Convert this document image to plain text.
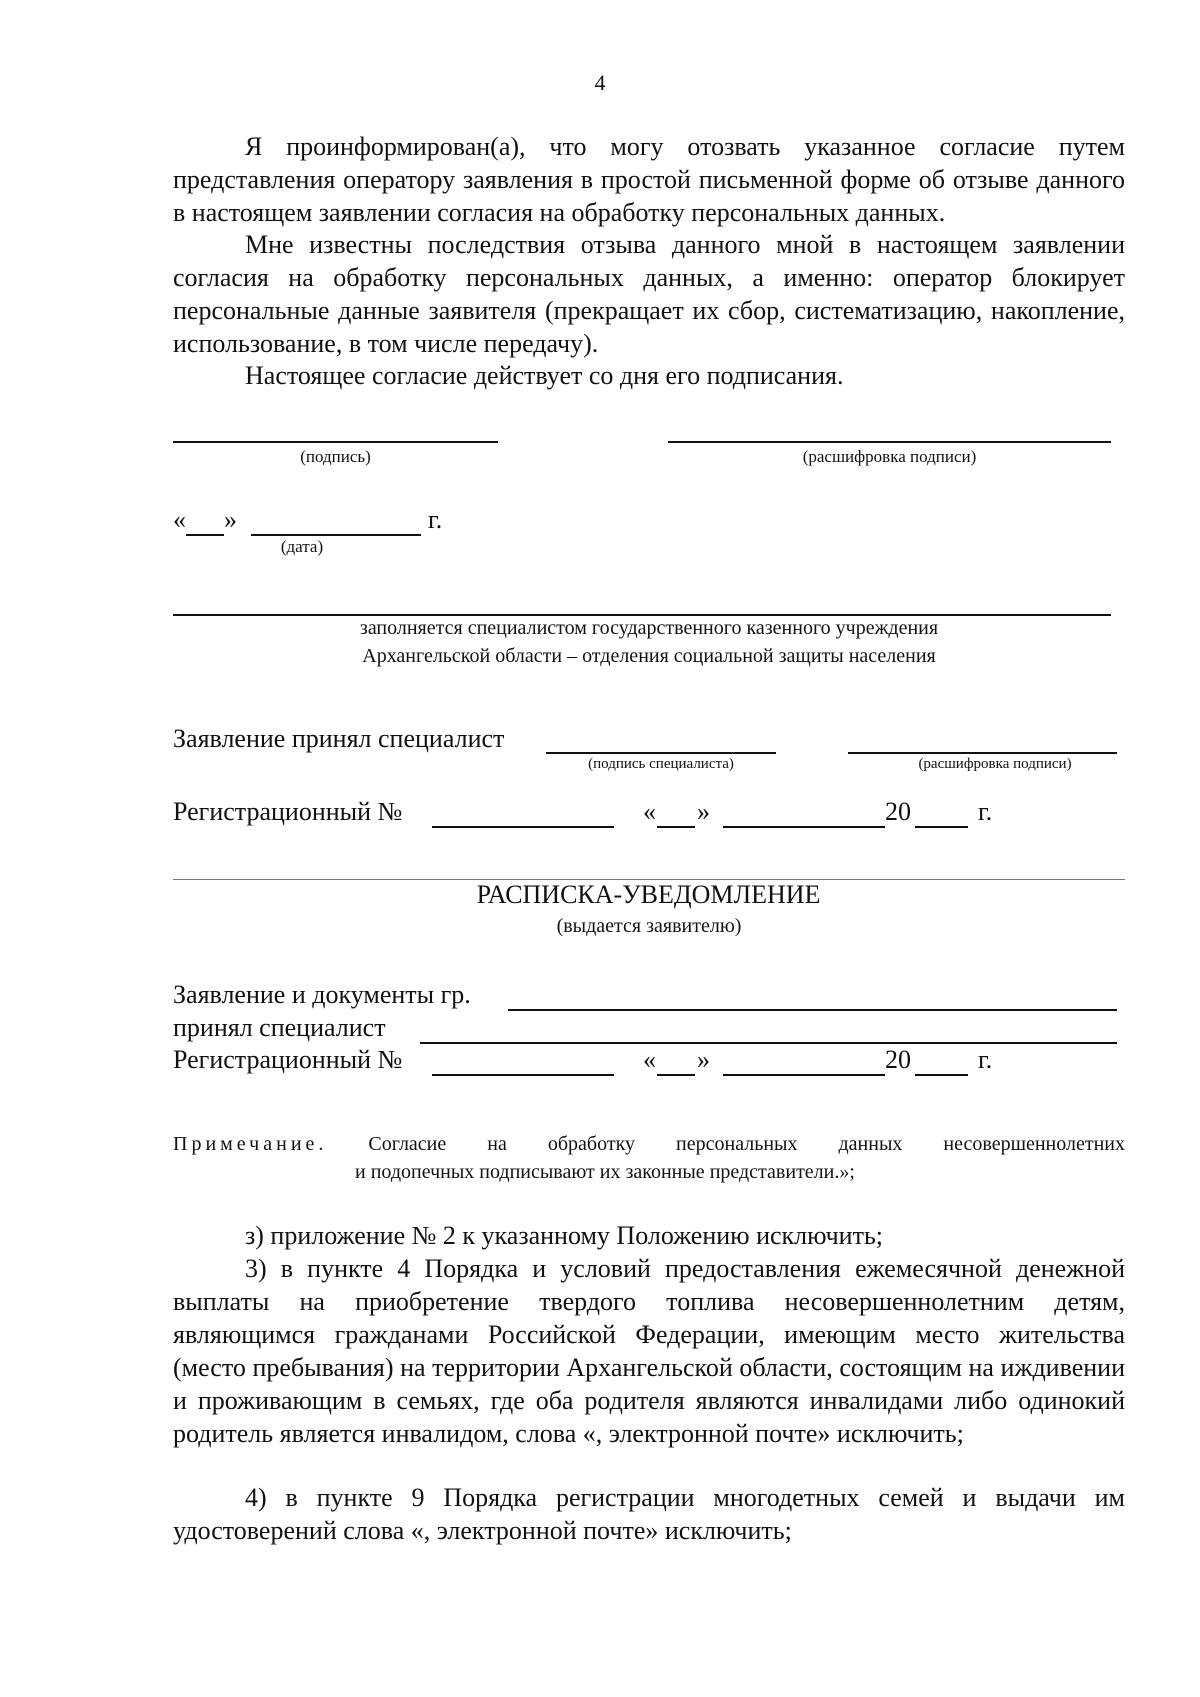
4
Я проинформирован(а), что могу отозвать указанное согласие путем представления оператору заявления в простой письменной форме об отзыве данного в настоящем заявлении согласия на обработку персональных данных.
Мне известны последствия отзыва данного мной в настоящем заявлении согласия на обработку персональных данных, а именно: оператор блокирует персональные данные заявителя (прекращает их сбор, систематизацию, накопление, использование, в том числе передачу).
Настоящее согласие действует со дня его подписания.
(подпись)	(расшифровка подписи)
« »	г.
(дата)
заполняется специалистом государственного казенного учреждения
Архангельской области – отделения социальной защиты населения
Заявление принял специалист
(подпись специалиста)	(расшифровка подписи)
Регистрационный №	« »	20	г.
РАСПИСКА-УВЕДОМЛЕНИЕ
(выдается заявителю)
Заявление и документы гр.
принял специалист
Регистрационный №	« »	20	г.
Примечание. Согласие на обработку персональных данных несовершеннолетних
и подопечных подписывают их законные представители.»;
з) приложение № 2 к указанному Положению исключить;
3) в пункте 4 Порядка и условий предоставления ежемесячной денежной выплаты на приобретение твердого топлива несовершеннолетним детям, являющимся гражданами Российской Федерации, имеющим место жительства (место пребывания) на территории Архангельской области, состоящим на иждивении и проживающим в семьях, где оба родителя являются инвалидами либо одинокий родитель является инвалидом, слова «, электронной почте» исключить;
4) в пункте 9 Порядка регистрации многодетных семей и выдачи им удостоверений слова «, электронной почте» исключить;
